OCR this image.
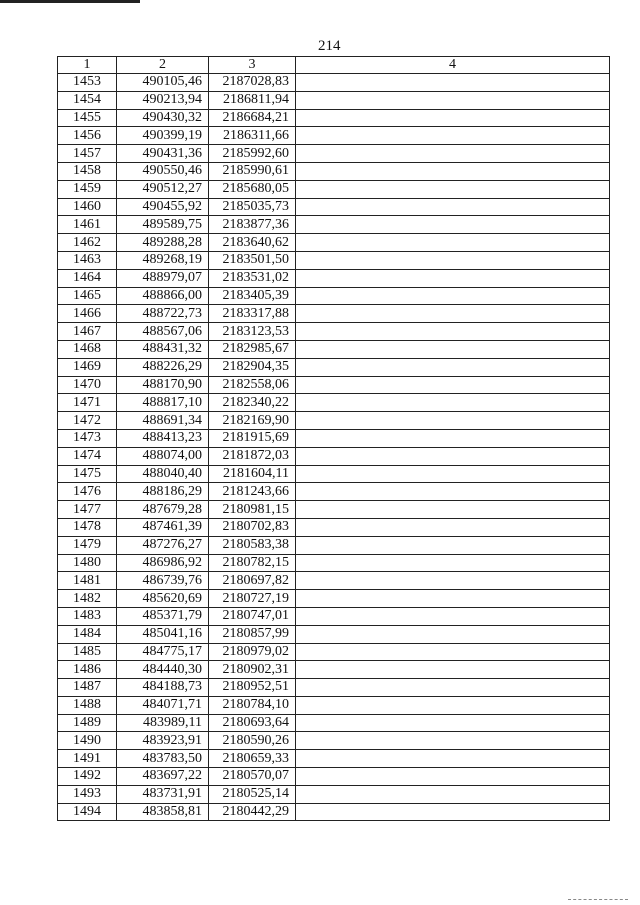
214
1	2	3	4
1453	490105,46	2187028,83	
1454	490213,94	2186811,94	
1455	490430,32	2186684,21	
1456	490399,19	2186311,66	
1457	490431,36	2185992,60	
1458	490550,46	2185990,61	
1459	490512,27	2185680,05	
1460	490455,92	2185035,73	
1461	489589,75	2183877,36	
1462	489288,28	2183640,62	
1463	489268,19	2183501,50	
1464	488979,07	2183531,02	
1465	488866,00	2183405,39	
1466	488722,73	2183317,88	
1467	488567,06	2183123,53	
1468	488431,32	2182985,67	
1469	488226,29	2182904,35	
1470	488170,90	2182558,06	
1471	488817,10	2182340,22	
1472	488691,34	2182169,90	
1473	488413,23	2181915,69	
1474	488074,00	2181872,03	
1475	488040,40	2181604,11	
1476	488186,29	2181243,66	
1477	487679,28	2180981,15	
1478	487461,39	2180702,83	
1479	487276,27	2180583,38	
1480	486986,92	2180782,15	
1481	486739,76	2180697,82	
1482	485620,69	2180727,19	
1483	485371,79	2180747,01	
1484	485041,16	2180857,99	
1485	484775,17	2180979,02	
1486	484440,30	2180902,31	
1487	484188,73	2180952,51	
1488	484071,71	2180784,10	
1489	483989,11	2180693,64	
1490	483923,91	2180590,26	
1491	483783,50	2180659,33	
1492	483697,22	2180570,07	
1493	483731,91	2180525,14	
1494	483858,81	2180442,29	
